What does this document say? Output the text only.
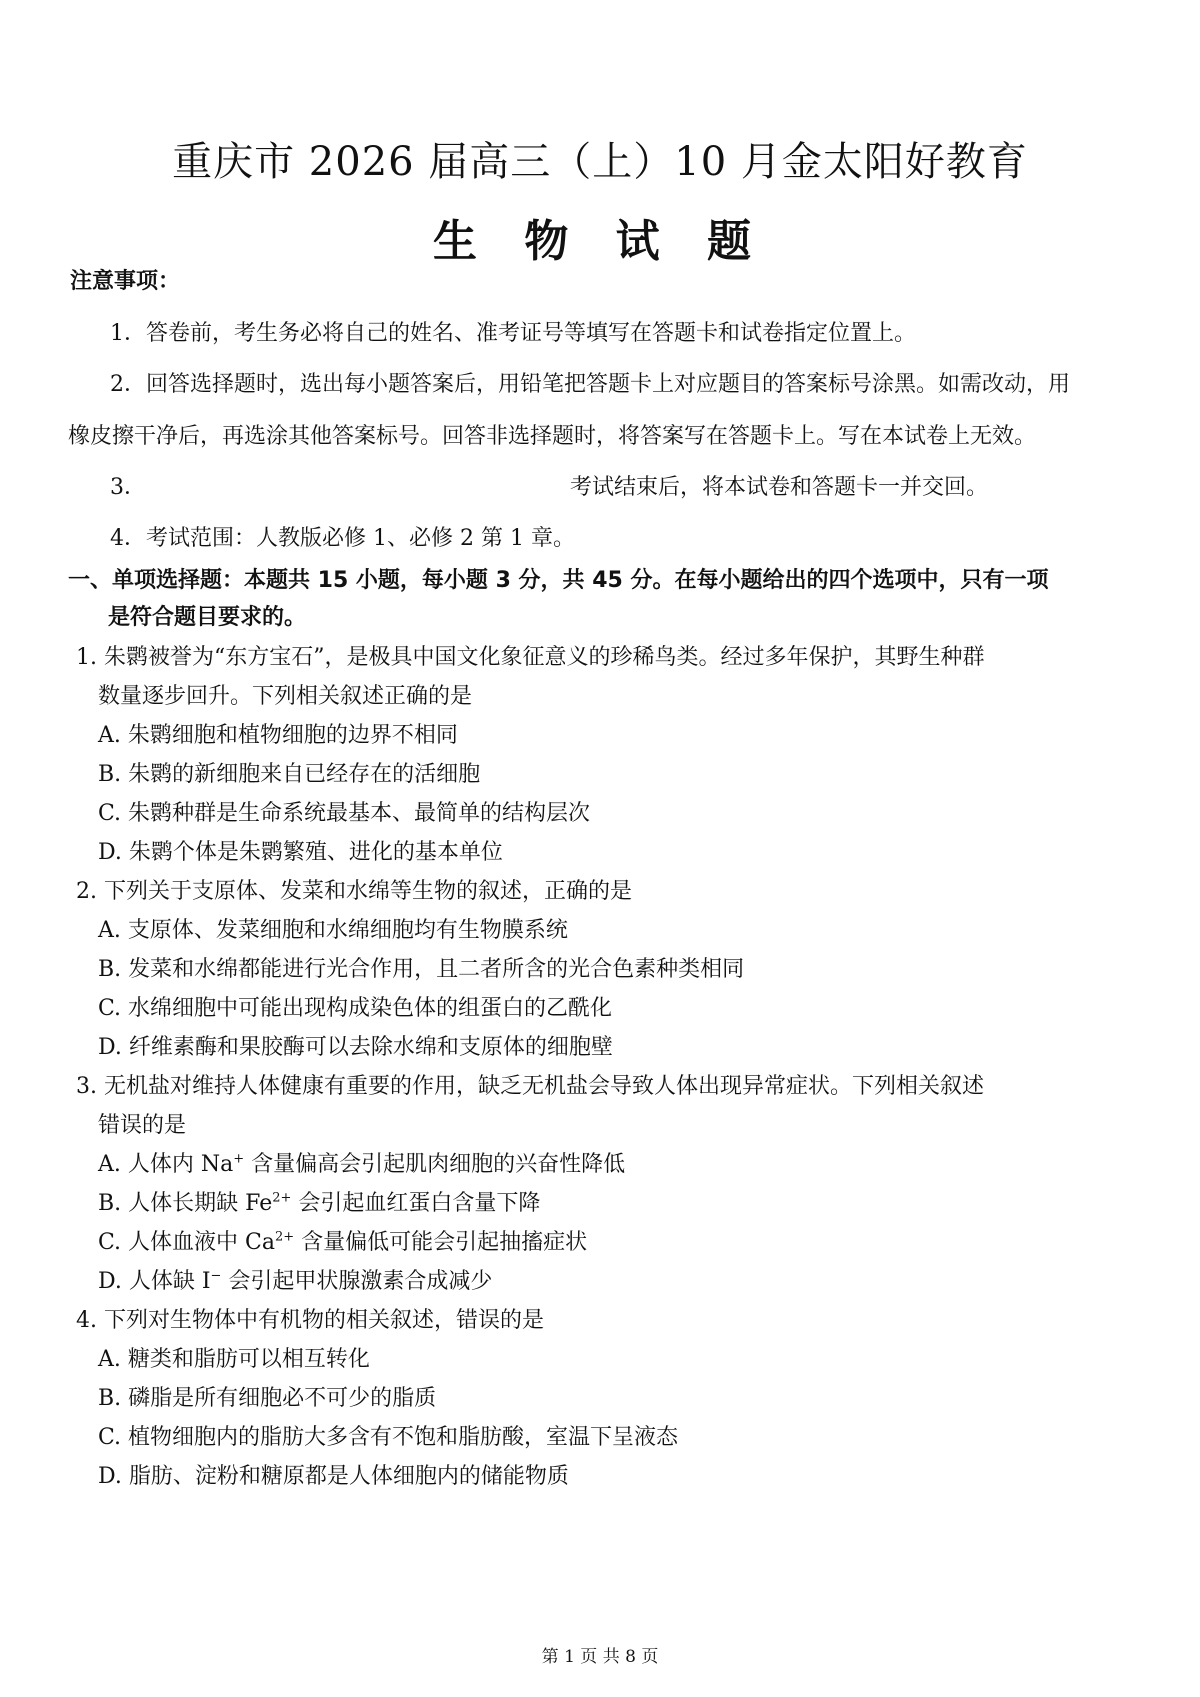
重庆市 2026 届高三（上）10 月金太阳好教育
生 物 试 题
注意事项：
1．答卷前，考生务必将自己的姓名、准考证号等填写在答题卡和试卷指定位置上。
2．回答选择题时，选出每小题答案后，用铅笔把答题卡上对应题目的答案标号涂黑。如需改动，用
橡皮擦干净后，再选涂其他答案标号。回答非选择题时，将答案写在答题卡上。写在本试卷上无效。
3．	考试结束后，将本试卷和答题卡一并交回。
4．考试范围：人教版必修 1、必修 2 第 1 章。
一、单项选择题：本题共 15 小题，每小题 3 分，共 45 分。在每小题给出的四个选项中，只有一项
是符合题目要求的。
1. 朱鹮被誉为“东方宝石”，是极具中国文化象征意义的珍稀鸟类。经过多年保护，其野生种群
数量逐步回升。下列相关叙述正确的是
A. 朱鹮细胞和植物细胞的边界不相同
B. 朱鹮的新细胞来自已经存在的活细胞
C. 朱鹮种群是生命系统最基本、最简单的结构层次
D. 朱鹮个体是朱鹮繁殖、进化的基本单位
2. 下列关于支原体、发菜和水绵等生物的叙述，正确的是
A. 支原体、发菜细胞和水绵细胞均有生物膜系统
B. 发菜和水绵都能进行光合作用，且二者所含的光合色素种类相同
C. 水绵细胞中可能出现构成染色体的组蛋白的乙酰化
D. 纤维素酶和果胶酶可以去除水绵和支原体的细胞壁
3. 无机盐对维持人体健康有重要的作用，缺乏无机盐会导致人体出现异常症状。下列相关叙述
错误的是
A. 人体内 Na+ 含量偏高会引起肌肉细胞的兴奋性降低
B. 人体长期缺 $Fe^{2+}$ 会引起血红蛋白含量下降
C. 人体血液中 $Ca^{2+}$ 含量偏低可能会引起抽搐症状
D. 人体缺 I− 会引起甲状腺激素合成减少
4. 下列对生物体中有机物的相关叙述，错误的是
A. 糖类和脂肪可以相互转化
B. 磷脂是所有细胞必不可少的脂质
C. 植物细胞内的脂肪大多含有不饱和脂肪酸，室温下呈液态
D. 脂肪、淀粉和糖原都是人体细胞内的储能物质
第 1 页 共 8 页
